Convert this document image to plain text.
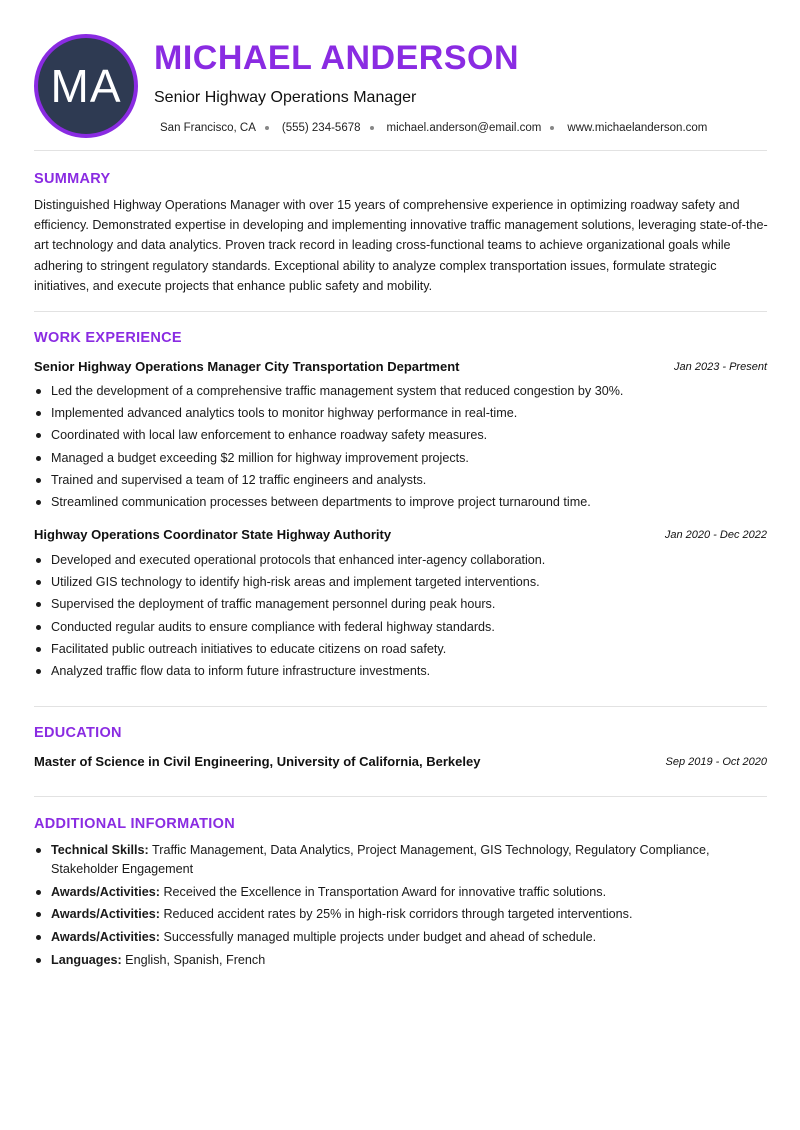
MA
MICHAEL ANDERSON
Senior Highway Operations Manager
San Francisco, CA (555) 234-5678 michael.anderson@email.com www.michaelanderson.com
SUMMARY
Distinguished Highway Operations Manager with over 15 years of comprehensive experience in optimizing roadway safety and efficiency. Demonstrated expertise in developing and implementing innovative traffic management solutions, leveraging state-of-the-art technology and data analytics. Proven track record in leading cross-functional teams to achieve organizational goals while adhering to stringent regulatory standards. Exceptional ability to analyze complex transportation issues, formulate strategic initiatives, and execute projects that enhance public safety and mobility.
WORK EXPERIENCE
Senior Highway Operations Manager City Transportation Department	Jan 2023 - Present
Led the development of a comprehensive traffic management system that reduced congestion by 30%.
Implemented advanced analytics tools to monitor highway performance in real-time.
Coordinated with local law enforcement to enhance roadway safety measures.
Managed a budget exceeding $2 million for highway improvement projects.
Trained and supervised a team of 12 traffic engineers and analysts.
Streamlined communication processes between departments to improve project turnaround time.
Highway Operations Coordinator State Highway Authority	Jan 2020 - Dec 2022
Developed and executed operational protocols that enhanced inter-agency collaboration.
Utilized GIS technology to identify high-risk areas and implement targeted interventions.
Supervised the deployment of traffic management personnel during peak hours.
Conducted regular audits to ensure compliance with federal highway standards.
Facilitated public outreach initiatives to educate citizens on road safety.
Analyzed traffic flow data to inform future infrastructure investments.
EDUCATION
Master of Science in Civil Engineering, University of California, Berkeley	Sep 2019 - Oct 2020
ADDITIONAL INFORMATION
Technical Skills: Traffic Management, Data Analytics, Project Management, GIS Technology, Regulatory Compliance, Stakeholder Engagement
Awards/Activities: Received the Excellence in Transportation Award for innovative traffic solutions.
Awards/Activities: Reduced accident rates by 25% in high-risk corridors through targeted interventions.
Awards/Activities: Successfully managed multiple projects under budget and ahead of schedule.
Languages: English, Spanish, French
